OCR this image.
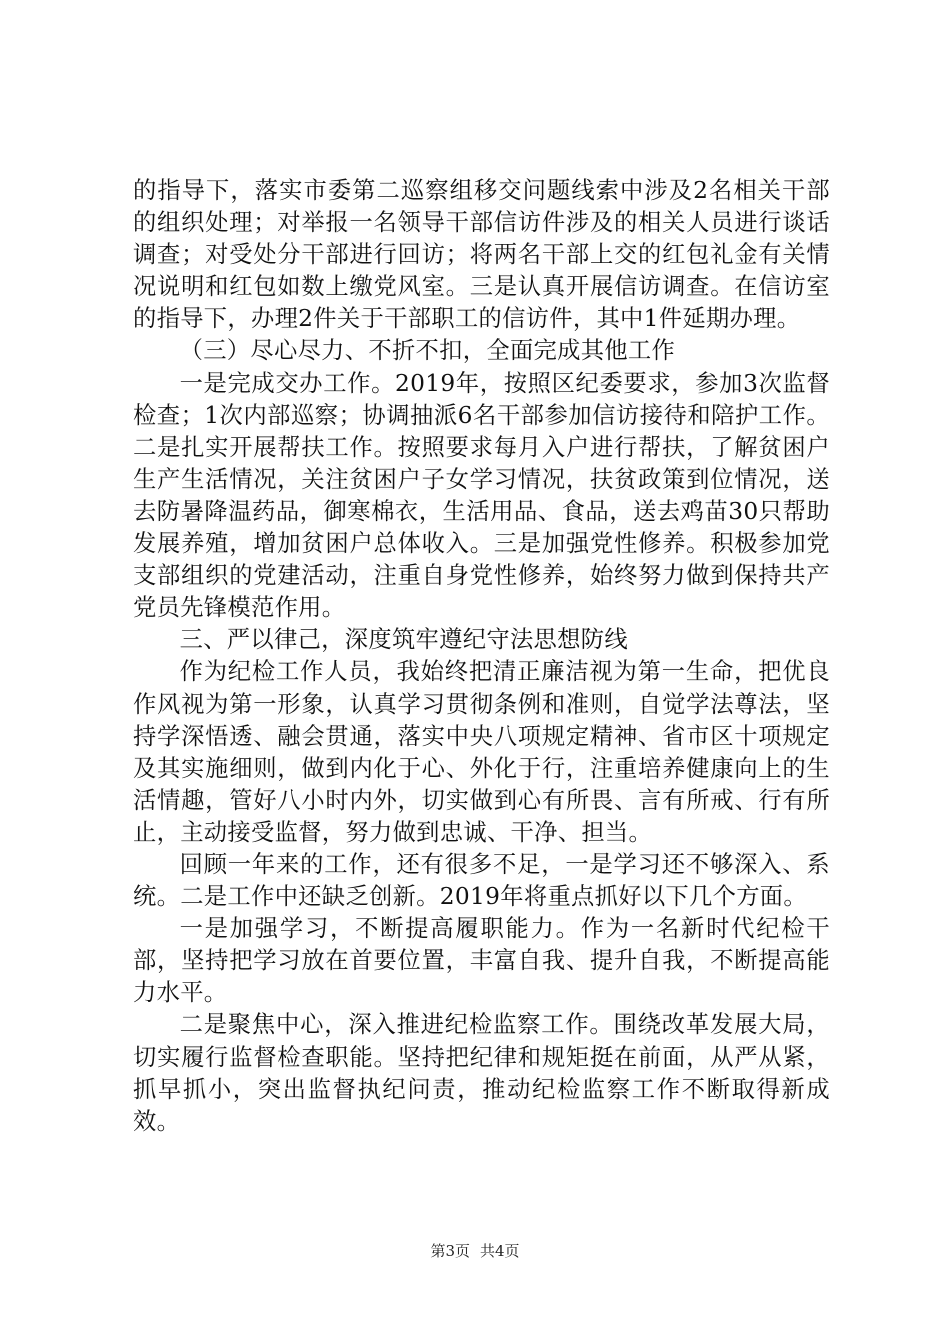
的指导下，落实市委第二巡察组移交问题线索中涉及2名相关干部的组织处理；对举报一名领导干部信访件涉及的相关人员进行谈话调查；对受处分干部进行回访；将两名干部上交的红包礼金有关情况说明和红包如数上缴党风室。三是认真开展信访调查。在信访室的指导下，办理2件关于干部职工的信访件，其中1件延期办理。

（三）尽心尽力、不折不扣，全面完成其他工作

一是完成交办工作。2019年，按照区纪委要求，参加3次监督检查；1次内部巡察；协调抽派6名干部参加信访接待和陪护工作。二是扎实开展帮扶工作。按照要求每月入户进行帮扶，了解贫困户生产生活情况，关注贫困户子女学习情况，扶贫政策到位情况，送去防暑降温药品，御寒棉衣，生活用品、食品，送去鸡苗30只帮助发展养殖，增加贫困户总体收入。三是加强党性修养。积极参加党支部组织的党建活动，注重自身党性修养，始终努力做到保持共产党员先锋模范作用。

三、严以律己，深度筑牢遵纪守法思想防线

作为纪检工作人员，我始终把清正廉洁视为第一生命，把优良作风视为第一形象，认真学习贯彻条例和准则，自觉学法尊法，坚持学深悟透、融会贯通，落实中央八项规定精神、省市区十项规定及其实施细则，做到内化于心、外化于行，注重培养健康向上的生活情趣，管好八小时内外，切实做到心有所畏、言有所戒、行有所止，主动接受监督，努力做到忠诚、干净、担当。

回顾一年来的工作，还有很多不足，一是学习还不够深入、系统。二是工作中还缺乏创新。2019年将重点抓好以下几个方面。

一是加强学习，不断提高履职能力。作为一名新时代纪检干部，坚持把学习放在首要位置，丰富自我、提升自我，不断提高能力水平。

二是聚焦中心，深入推进纪检监察工作。围绕改革发展大局，切实履行监督检查职能。坚持把纪律和规矩挺在前面，从严从紧，抓早抓小，突出监督执纪问责，推动纪检监察工作不断取得新成效。

第3页 共4页
